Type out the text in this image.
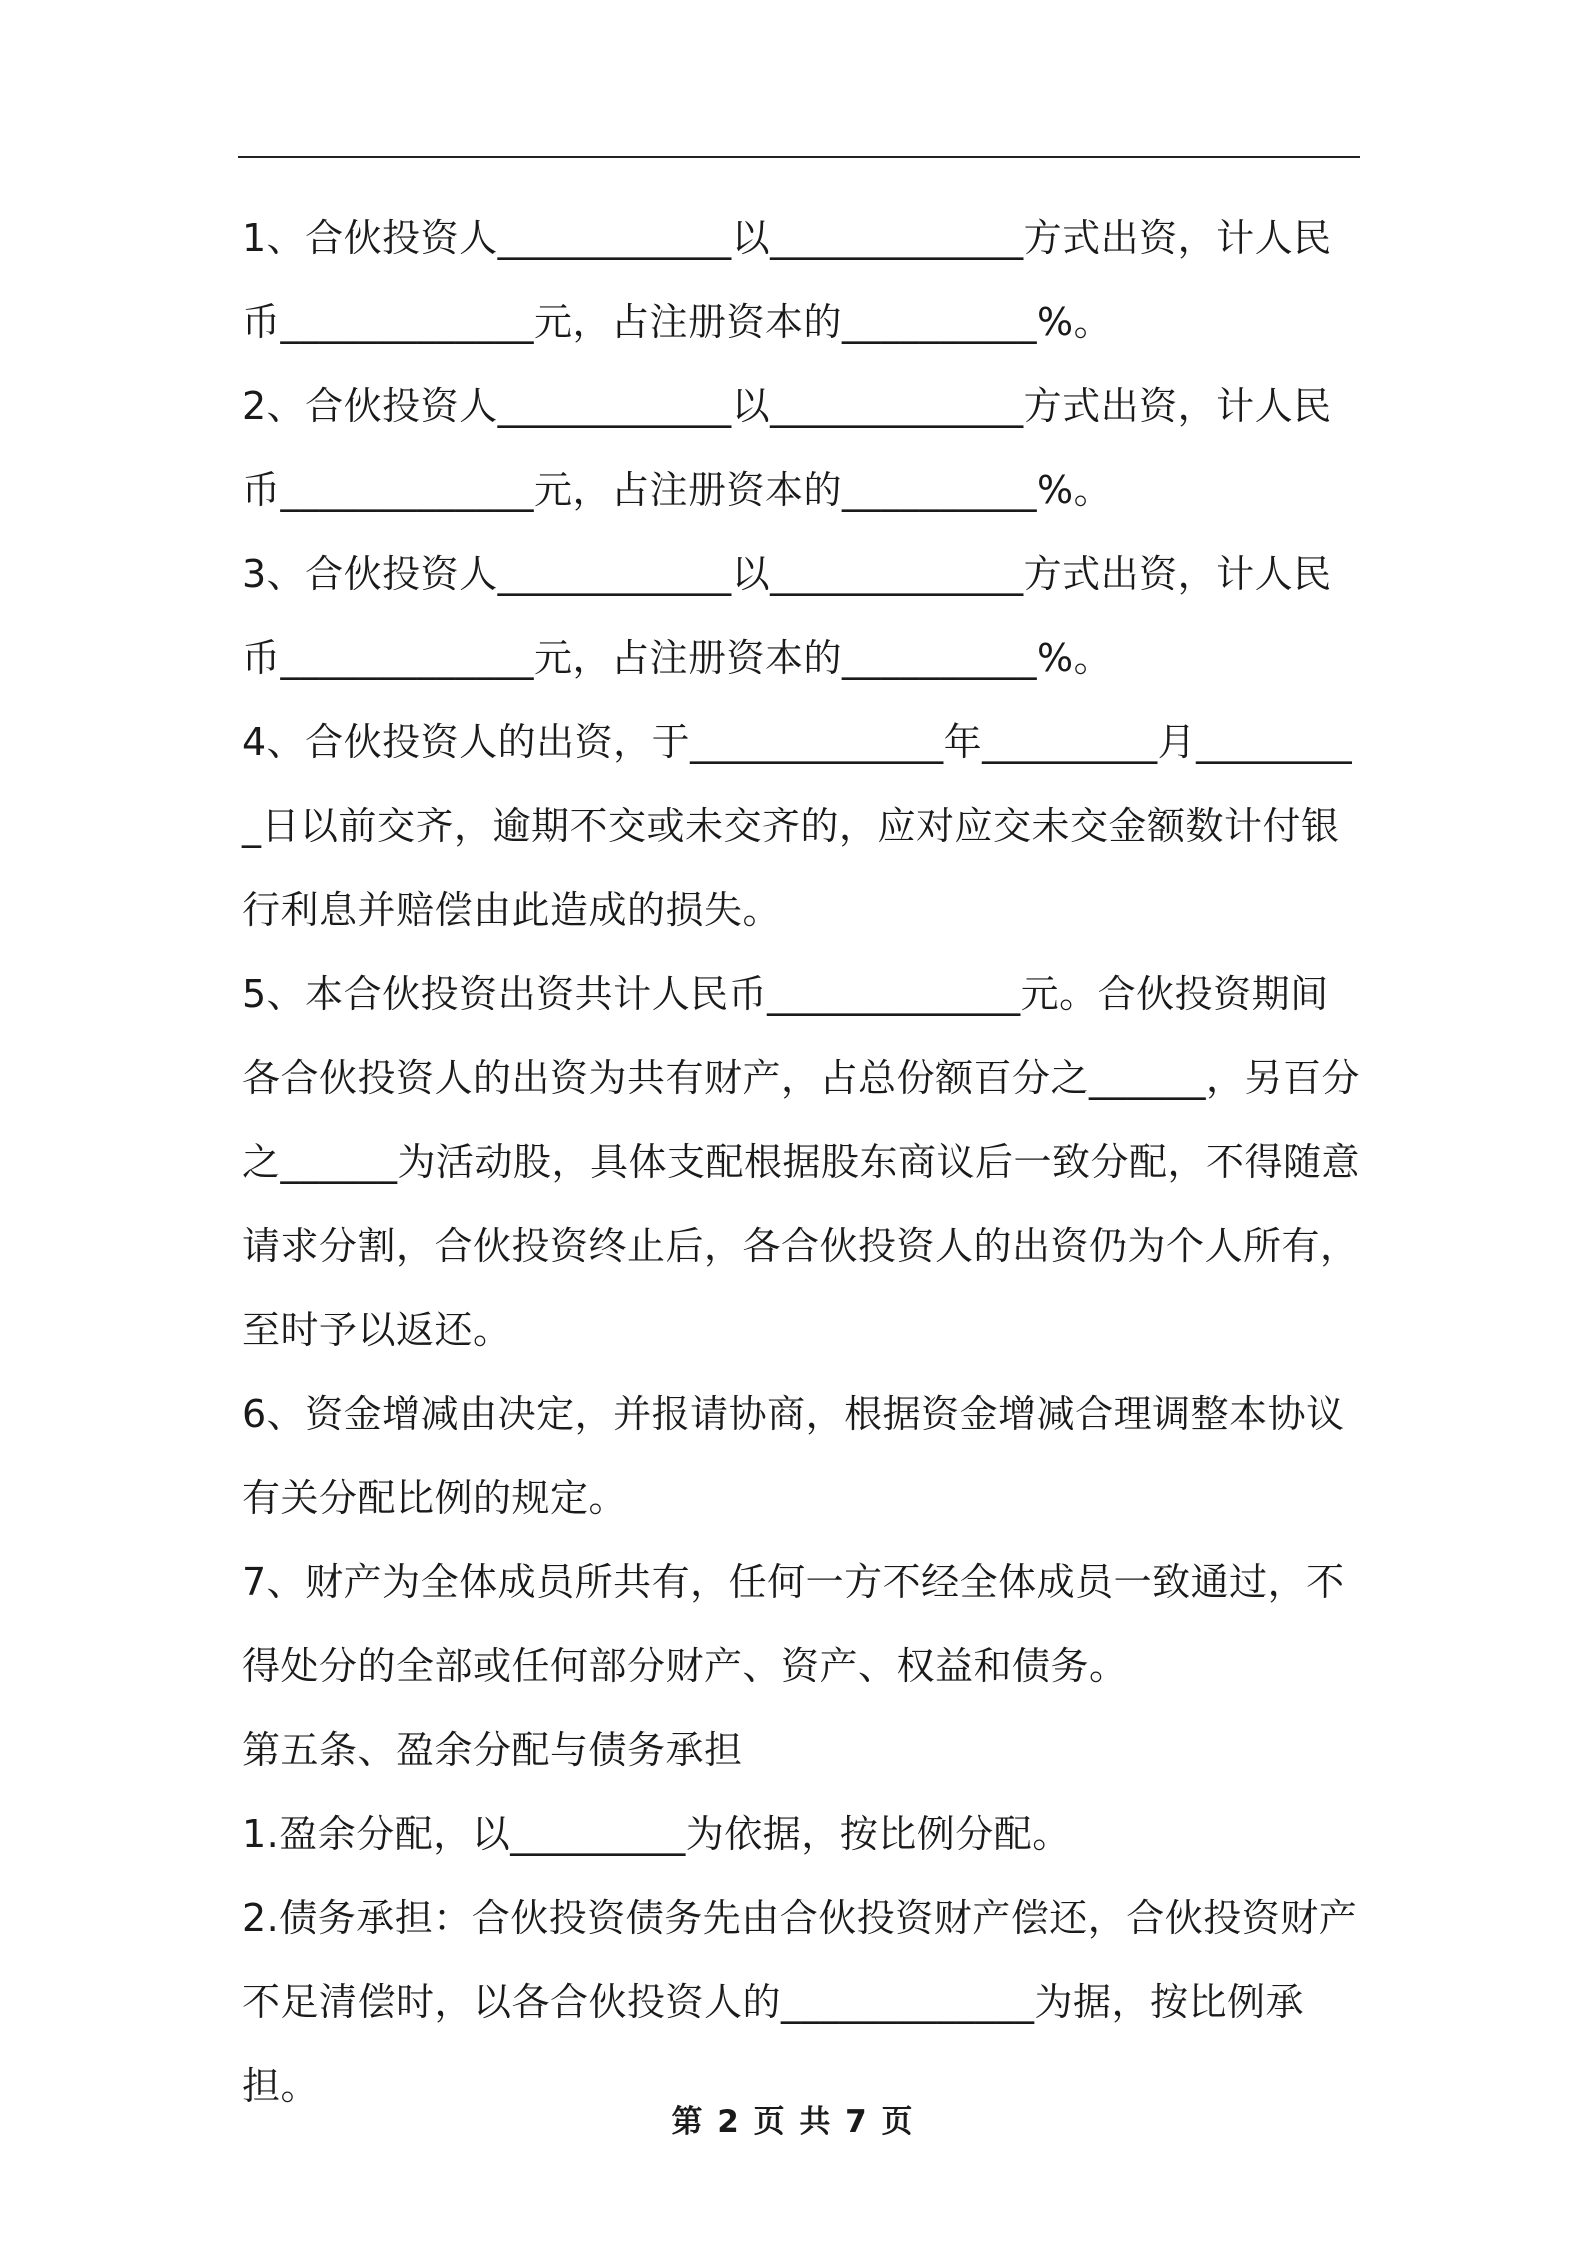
1、合伙投资人____________以_____________方式出资，计人民币_____________元，占注册资本的__________%。

2、合伙投资人____________以_____________方式出资，计人民币_____________元，占注册资本的__________%。

3、合伙投资人____________以_____________方式出资，计人民币_____________元，占注册资本的__________%。

4、合伙投资人的出资，于_____________年_________月_________日以前交齐，逾期不交或未交齐的，应对应交未交金额数计付银行利息并赔偿由此造成的损失。

5、本合伙投资出资共计人民币_____________元。合伙投资期间各合伙投资人的出资为共有财产，占总份额百分之______，另百分之______为活动股，具体支配根据股东商议后一致分配，不得随意请求分割，合伙投资终止后，各合伙投资人的出资仍为个人所有，至时予以返还。

6、资金增减由决定，并报请协商，根据资金增减合理调整本协议有关分配比例的规定。

7、财产为全体成员所共有，任何一方不经全体成员一致通过，不得处分的全部或任何部分财产、资产、权益和债务。

第五条、盈余分配与债务承担

1.盈余分配，以_________为依据，按比例分配。

2.债务承担：合伙投资债务先由合伙投资财产偿还，合伙投资财产不足清偿时，以各合伙投资人的_____________为据，按比例承担。

第 2 页 共 7 页
